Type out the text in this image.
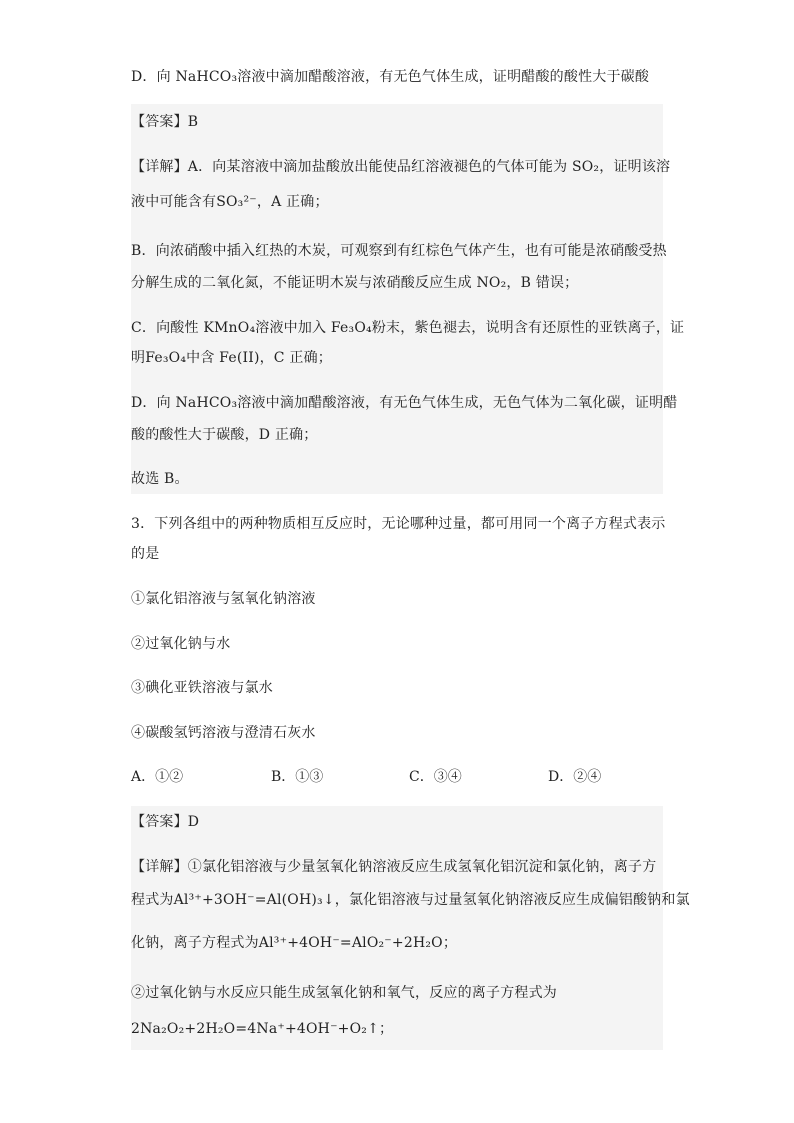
D．向 NaHCO₃溶液中滴加醋酸溶液，有无色气体生成，证明醋酸的酸性大于碳酸
【答案】B
【详解】A．向某溶液中滴加盐酸放出能使品红溶液褪色的气体可能为 SO₂，证明该溶
液中可能含有SO₃²⁻，A 正确；
B．向浓硝酸中插入红热的木炭，可观察到有红棕色气体产生，也有可能是浓硝酸受热
分解生成的二氧化氮，不能证明木炭与浓硝酸反应生成 NO₂，B 错误；
C．向酸性 KMnO₄溶液中加入 Fe₃O₄粉末，紫色褪去，说明含有还原性的亚铁离子，证
明Fe₃O₄中含 Fe(II)，C 正确；
D．向 NaHCO₃溶液中滴加醋酸溶液，有无色气体生成，无色气体为二氧化碳，证明醋
酸的酸性大于碳酸，D 正确；
故选 B。
3．下列各组中的两种物质相互反应时，无论哪种过量，都可用同一个离子方程式表示
的是
①氯化铝溶液与氢氧化钠溶液
②过氧化钠与水
③碘化亚铁溶液与氯水
④碳酸氢钙溶液与澄清石灰水
A．①②	B．①③	C．③④	D．②④
【答案】D
【详解】①氯化铝溶液与少量氢氧化钠溶液反应生成氢氧化铝沉淀和氯化钠，离子方
程式为Al³⁺+3OH⁻=Al(OH)₃↓，氯化铝溶液与过量氢氧化钠溶液反应生成偏铝酸钠和氯
化钠，离子方程式为Al³⁺+4OH⁻=AlO₂⁻+2H₂O；
②过氧化钠与水反应只能生成氢氧化钠和氧气，反应的离子方程式为
2Na₂O₂+2H₂O=4Na⁺+4OH⁻+O₂↑；
